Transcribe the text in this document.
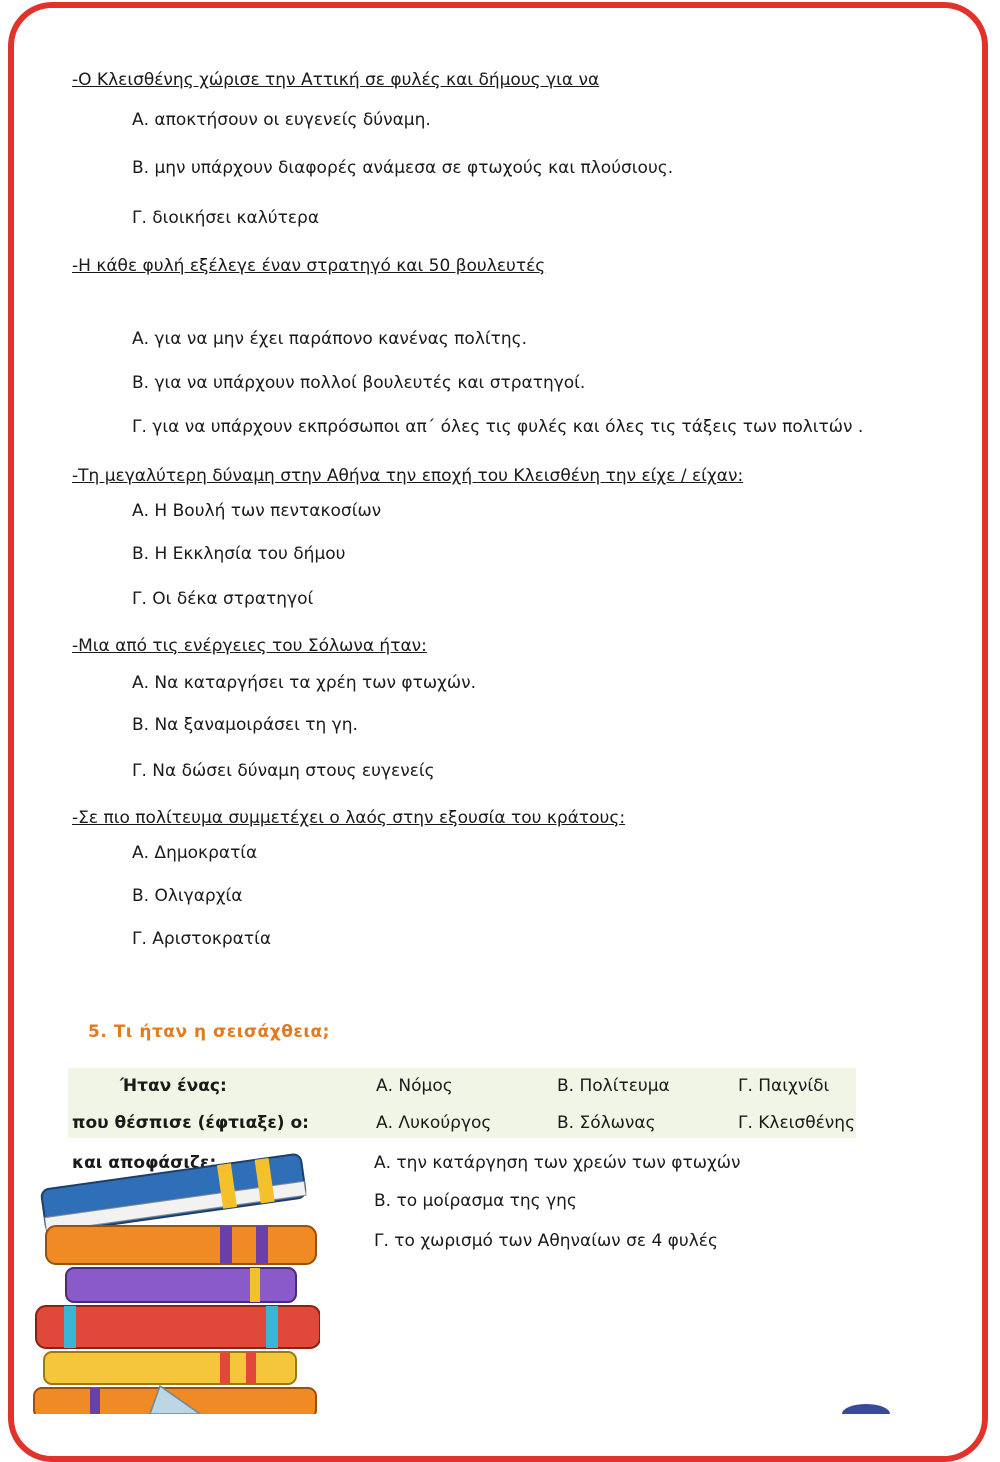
-Ο Κλεισθένης χώρισε την Αττική σε φυλές και δήμους για να
Α. αποκτήσουν οι ευγενείς δύναμη.
Β. μην υπάρχουν διαφορές ανάμεσα σε φτωχούς και πλούσιους.
Γ. διοικήσει καλύτερα
-Η κάθε φυλή εξέλεγε έναν στρατηγό και 50 βουλευτές
Α. για να μην έχει παράπονο κανένας πολίτης.
Β. για να υπάρχουν πολλοί βουλευτές και στρατηγοί.
Γ. για να υπάρχουν εκπρόσωποι απ΄ όλες τις φυλές και όλες τις τάξεις των πολιτών .
-Τη μεγαλύτερη δύναμη στην Αθήνα την εποχή του Κλεισθένη την είχε / είχαν:
Α. Η Βουλή των πεντακοσίων
Β. Η Εκκλησία του δήμου
Γ. Οι δέκα στρατηγοί
-Μια από τις ενέργειες του Σόλωνα ήταν:
Α. Να καταργήσει τα χρέη των φτωχών.
Β. Να ξαναμοιράσει τη γη.
Γ. Να δώσει δύναμη στους ευγενείς
-Σε πιο πολίτευμα συμμετέχει ο λαός στην εξουσία του κράτους:
Α. Δημοκρατία
Β. Ολιγαρχία
Γ. Αριστοκρατία
5. Τι ήταν η σεισάχθεια;
Ήταν ένας:	Α. Νόμος	Β. Πολίτευμα	Γ. Παιχνίδι
που θέσπισε (έφτιαξε) ο:	Α. Λυκούργος	Β. Σόλωνας	Γ. Κλεισθένης
και αποφάσιζε:	Α. την κατάργηση των χρεών των φτωχών
Β. το μοίρασμα της γης
Γ. το χωρισμό των Αθηναίων σε 4 φυλές
